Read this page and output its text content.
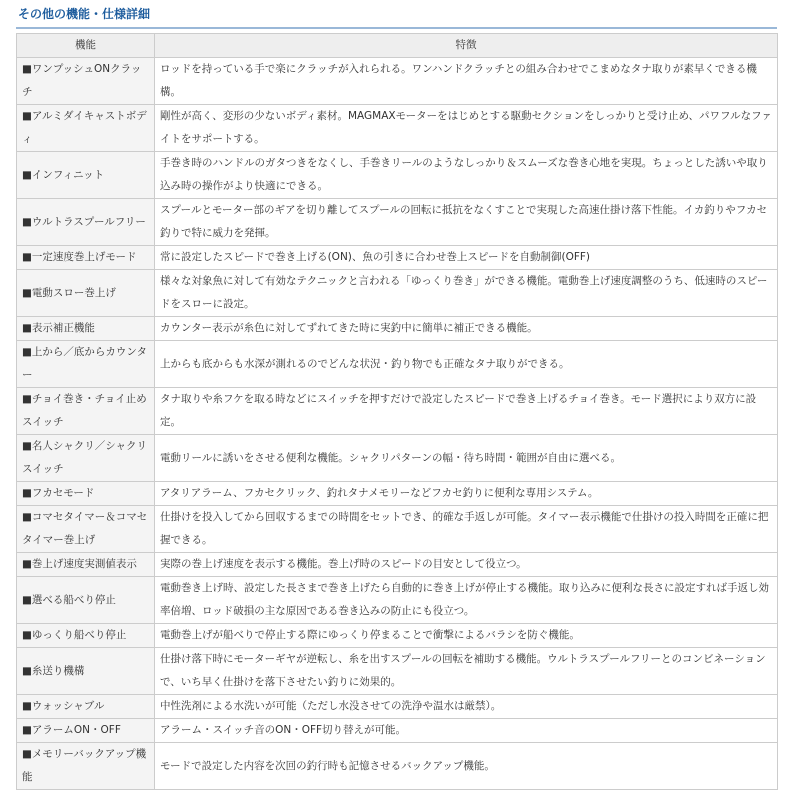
その他の機能・仕様詳細
機能	特徴
■ワンプッシュONクラッチ	ロッドを持っている手で楽にクラッチが入れられる。ワンハンドクラッチとの組み合わせでこまめなタナ取りが素早くできる機構。
■アルミダイキャストボディ	剛性が高く、変形の少ないボディ素材。MAGMAXモーターをはじめとする駆動セクションをしっかりと受け止め、パワフルなファイトをサポートする。
■インフィニット	手巻き時のハンドルのガタつきをなくし、手巻きリールのようなしっかり＆スムーズな巻き心地を実現。ちょっとした誘いや取り込み時の操作がより快適にできる。
■ウルトラスプールフリー	スプールとモーター部のギアを切り離してスプールの回転に抵抗をなくすことで実現した高速仕掛け落下性能。イカ釣りやフカセ釣りで特に威力を発揮。
■一定速度巻上げモード	常に設定したスピードで巻き上げる(ON)、魚の引きに合わせ巻上スピードを自動制御(OFF)
■電動スロー巻上げ	様々な対象魚に対して有効なテクニックと言われる「ゆっくり巻き」ができる機能。電動巻上げ速度調整のうち、低速時のスピードをスローに設定。
■表示補正機能	カウンター表示が糸色に対してずれてきた時に実釣中に簡単に補正できる機能。
■上から／底からカウンター	上からも底からも水深が測れるのでどんな状況・釣り物でも正確なタナ取りができる。
■チョイ巻き・チョイ止めスイッチ	タナ取りや糸フケを取る時などにスイッチを押すだけで設定したスピードで巻き上げるチョイ巻き。モード選択により双方に設定。
■名人シャクリ／シャクリスイッチ	電動リールに誘いをさせる便利な機能。シャクリパターンの幅・待ち時間・範囲が自由に選べる。
■フカセモード	アタリアラーム、フカセクリック、釣れタナメモリーなどフカセ釣りに便利な専用システム。
■コマセタイマー＆コマセタイマー巻上げ	仕掛けを投入してから回収するまでの時間をセットでき、的確な手返しが可能。タイマー表示機能で仕掛けの投入時間を正確に把握できる。
■巻上げ速度実測値表示	実際の巻上げ速度を表示する機能。巻上げ時のスピードの目安として役立つ。
■選べる船べり停止	電動巻き上げ時、設定した長さまで巻き上げたら自動的に巻き上げが停止する機能。取り込みに便利な長さに設定すれば手返し効率倍増、ロッド破損の主な原因である巻き込みの防止にも役立つ。
■ゆっくり船べり停止	電動巻上げが船べりで停止する際にゆっくり停まることで衝撃によるバラシを防ぐ機能。
■糸送り機構	仕掛け落下時にモーターギヤが逆転し、糸を出すスプールの回転を補助する機能。ウルトラスプールフリーとのコンビネーションで、いち早く仕掛けを落下させたい釣りに効果的。
■ウォッシャブル	中性洗剤による水洗いが可能（ただし水没させての洗浄や温水は厳禁）。
■アラームON・OFF	アラーム・スイッチ音のON・OFF切り替えが可能。
■メモリーバックアップ機能	モードで設定した内容を次回の釣行時も記憶させるバックアップ機能。
